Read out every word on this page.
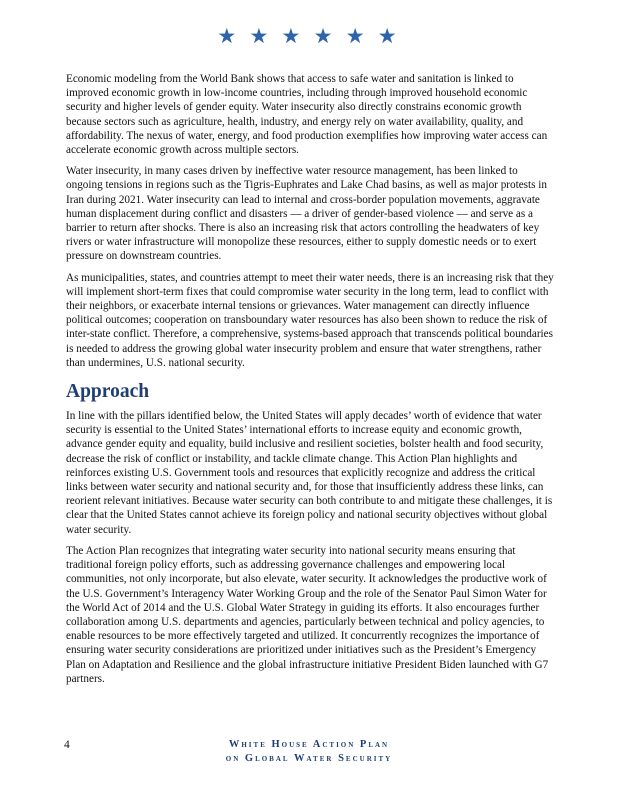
★ ★ ★ ★ ★ ★

Economic modeling from the World Bank shows that access to safe water and sanitation is linked to improved economic growth in low-income countries, including through improved household economic security and higher levels of gender equity. Water insecurity also directly constrains economic growth because sectors such as agriculture, health, industry, and energy rely on water availability, quality, and affordability. The nexus of water, energy, and food production exemplifies how improving water access can accelerate economic growth across multiple sectors.

Water insecurity, in many cases driven by ineffective water resource management, has been linked to ongoing tensions in regions such as the Tigris-Euphrates and Lake Chad basins, as well as major protests in Iran during 2021. Water insecurity can lead to internal and cross-border population movements, aggravate human displacement during conflict and disasters — a driver of gender-based violence — and serve as a barrier to return after shocks. There is also an increasing risk that actors controlling the headwaters of key rivers or water infrastructure will monopolize these resources, either to supply domestic needs or to exert pressure on downstream countries.

As municipalities, states, and countries attempt to meet their water needs, there is an increasing risk that they will implement short-term fixes that could compromise water security in the long term, lead to conflict with their neighbors, or exacerbate internal tensions or grievances. Water management can directly influence political outcomes; cooperation on transboundary water resources has also been shown to reduce the risk of inter-state conflict. Therefore, a comprehensive, systems-based approach that transcends political boundaries is needed to address the growing global water insecurity problem and ensure that water strengthens, rather than undermines, U.S. national security.

Approach

In line with the pillars identified below, the United States will apply decades’ worth of evidence that water security is essential to the United States’ international efforts to increase equity and economic growth, advance gender equity and equality, build inclusive and resilient societies, bolster health and food security, decrease the risk of conflict or instability, and tackle climate change. This Action Plan highlights and reinforces existing U.S. Government tools and resources that explicitly recognize and address the critical links between water security and national security and, for those that insufficiently address these links, can reorient relevant initiatives. Because water security can both contribute to and mitigate these challenges, it is clear that the United States cannot achieve its foreign policy and national security objectives without global water security.

The Action Plan recognizes that integrating water security into national security means ensuring that traditional foreign policy efforts, such as addressing governance challenges and empowering local communities, not only incorporate, but also elevate, water security. It acknowledges the productive work of the U.S. Government’s Interagency Water Working Group and the role of the Senator Paul Simon Water for the World Act of 2014 and the U.S. Global Water Strategy in guiding its efforts. It also encourages further collaboration among U.S. departments and agencies, particularly between technical and policy agencies, to enable resources to be more effectively targeted and utilized. It concurrently recognizes the importance of ensuring water security considerations are prioritized under initiatives such as the President’s Emergency Plan on Adaptation and Resilience and the global infrastructure initiative President Biden launched with G7 partners.

4	White House Action Plan
on Global Water Security
